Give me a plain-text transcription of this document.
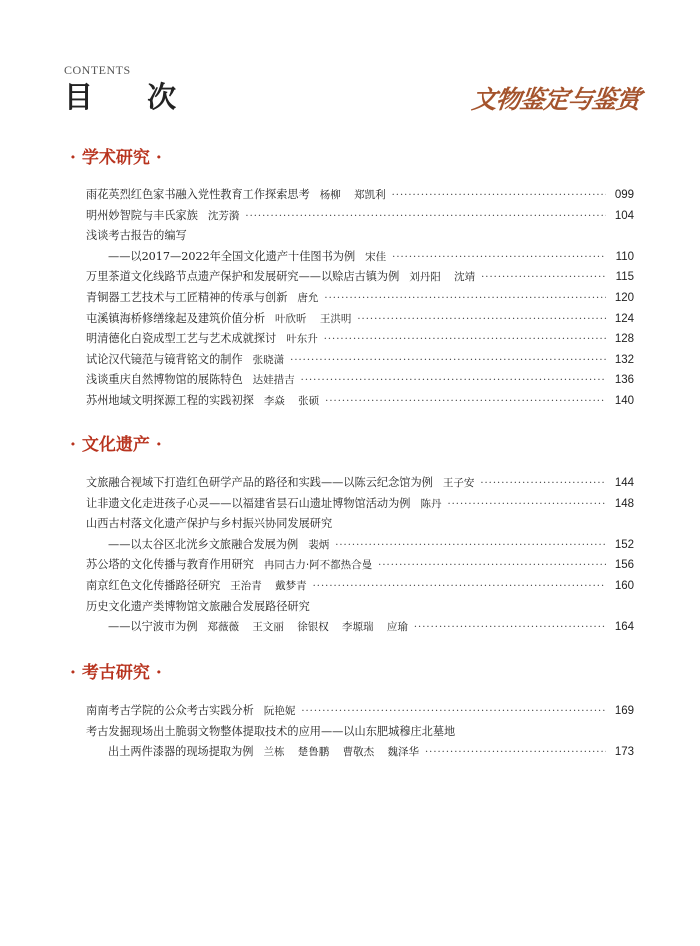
CONTENTS
目 次	文物鉴定与鉴赏
· 学术研究 ·
雨花英烈红色家书融入党性教育工作探索思考 杨柳 郑凯利 ·····	099
明州妙智院与丰氏家族 沈芳漪 ·····	104
浅谈考古报告的编写
——以2017—2022年全国文化遗产十佳图书为例 宋佳 ·····	110
万里茶道文化线路节点遗产保护和发展研究——以赊店古镇为例 刘丹阳 沈靖 ·····	115
青铜器工艺技术与工匠精神的传承与创新 唐允 ·····	120
屯溪镇海桥修缮缘起及建筑价值分析 叶欣昕 王洪明 ·····	124
明清德化白瓷成型工艺与艺术成就探讨 叶东升 ·····	128
试论汉代镜范与镜背铭文的制作 张晓潇 ·····	132
浅谈重庆自然博物馆的展陈特色 达娃措吉 ·····	136
苏州地域文明探源工程的实践初探 李焱 张硕 ·····	140
· 文化遗产 ·
文旅融合视域下打造红色研学产品的路径和实践——以陈云纪念馆为例 王子安 ·····	144
让非遗文化走进孩子心灵——以福建省昙石山遗址博物馆活动为例 陈丹 ·····	148
山西古村落文化遗产保护与乡村振兴协同发展研究
——以太谷区北洸乡文旅融合发展为例 裴炳 ·····	152
苏公塔的文化传播与教育作用研究 冉同古力·阿不都热合曼 ·····	156
南京红色文化传播路径研究 王治青 戴梦青 ·····	160
历史文化遗产类博物馆文旅融合发展路径研究
——以宁波市为例 郑薇薇 王文丽 徐银权 李塬瑞 应瑜 ·····	164
· 考古研究 ·
南南考古学院的公众考古实践分析 阮艳妮 ·····	169
考古发掘现场出土脆弱文物整体提取技术的应用——以山东肥城穆庄北墓地
出土两件漆器的现场提取为例 兰栋 楚鲁鹏 曹敬杰 魏泽华 ·····	173
